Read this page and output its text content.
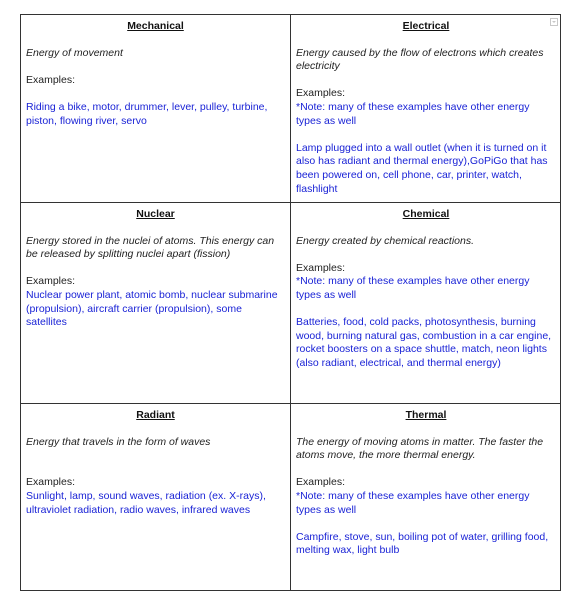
Mechanical

Energy of movement

Examples:

Riding a bike, motor, drummer, lever, pulley, turbine, piston, flowing river, servo

Electrical

Energy caused by the flow of electrons which creates electricity

Examples:

*Note: many of these examples have other energy types as well

Lamp plugged into a wall outlet (when it is turned on it also has radiant and thermal energy),GoPiGo that has been powered on, cell phone, car, printer, watch, flashlight

Nuclear

Energy stored in the nuclei of atoms. This energy can be released by splitting nuclei apart (fission)

Examples:

Nuclear power plant, atomic bomb, nuclear submarine (propulsion), aircraft carrier (propulsion), some satellites

Chemical

Energy created by chemical reactions.

Examples:

*Note: many of these examples have other energy types as well

Batteries, food, cold packs, photosynthesis, burning wood, burning natural gas, combustion in a car engine, rocket boosters on a space shuttle, match, neon lights (also radiant, electrical, and thermal energy)

Radiant

Energy that travels in the form of waves

Examples:

Sunlight, lamp, sound waves, radiation (ex. X-rays), ultraviolet radiation, radio waves, infrared waves

Thermal

The energy of moving atoms in matter. The faster the atoms move, the more thermal energy.

Examples:

*Note: many of these examples have other energy types as well

Campfire, stove, sun, boiling pot of water, grilling food, melting wax, light bulb
